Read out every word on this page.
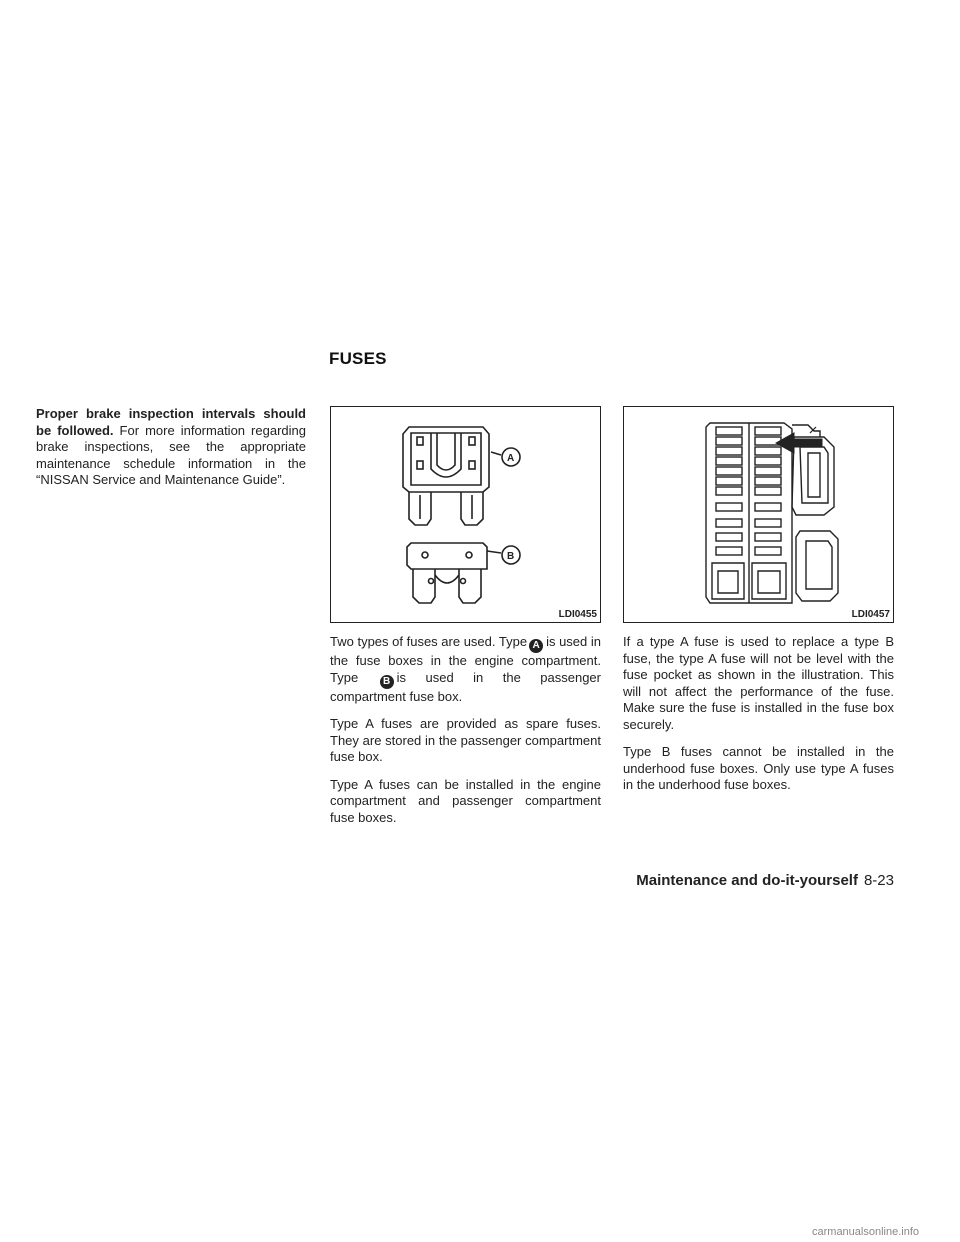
FUSES

Proper brake inspection intervals should be followed. For more information regarding brake inspections, see the appropriate maintenance schedule information in the “NISSAN Service and Maintenance Guide”.

A
B
LDI0455	LDI0457

Two types of fuses are used. Type A is used in the fuse boxes in the engine compartment. Type B is used in the passenger compartment fuse box.

Type A fuses are provided as spare fuses. They are stored in the passenger compartment fuse box.

Type A fuses can be installed in the engine compartment and passenger compartment fuse boxes.

If a type A fuse is used to replace a type B fuse, the type A fuse will not be level with the fuse pocket as shown in the illustration. This will not affect the performance of the fuse. Make sure the fuse is installed in the fuse box securely.

Type B fuses cannot be installed in the underhood fuse boxes. Only use type A fuses in the underhood fuse boxes.

Maintenance and do-it-yourself 8-23
carmanualsonline.info
